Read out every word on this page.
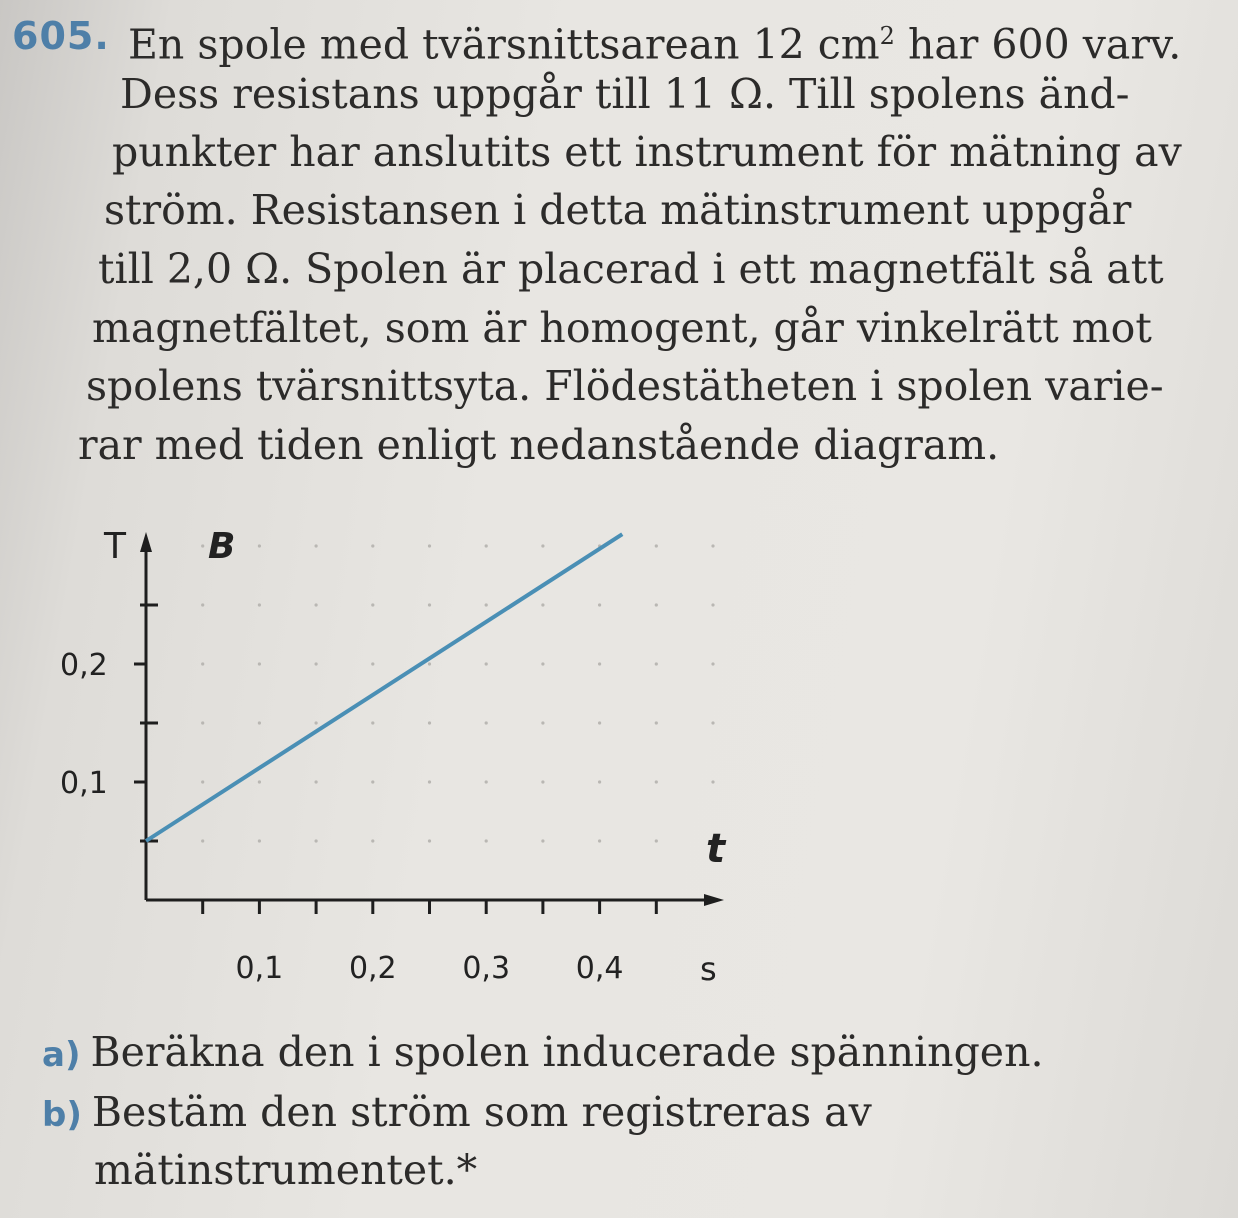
605. En spole med tvärsnittsarean 12 $cm^2$ har 600 varv.
Dess resistans uppgår till 11 Ω. Till spolens änd-
punkter har anslutits ett instrument för mätning av
ström. Resistansen i detta mätinstrument uppgår
till 2,0 Ω. Spolen är placerad i ett magnetfält så att
magnetfältet, som är homogent, går vinkelrätt mot
spolens tvärsnittsyta. Flödestätheten i spolen varie-
rar med tiden enligt nedanstående diagram.
0,1 0,2 0,3 0,4
0,1
0,2
T B
t
s
a) Beräkna den i spolen inducerade spänningen.
b) Bestäm den ström som registreras av
mätinstrumentet.*
